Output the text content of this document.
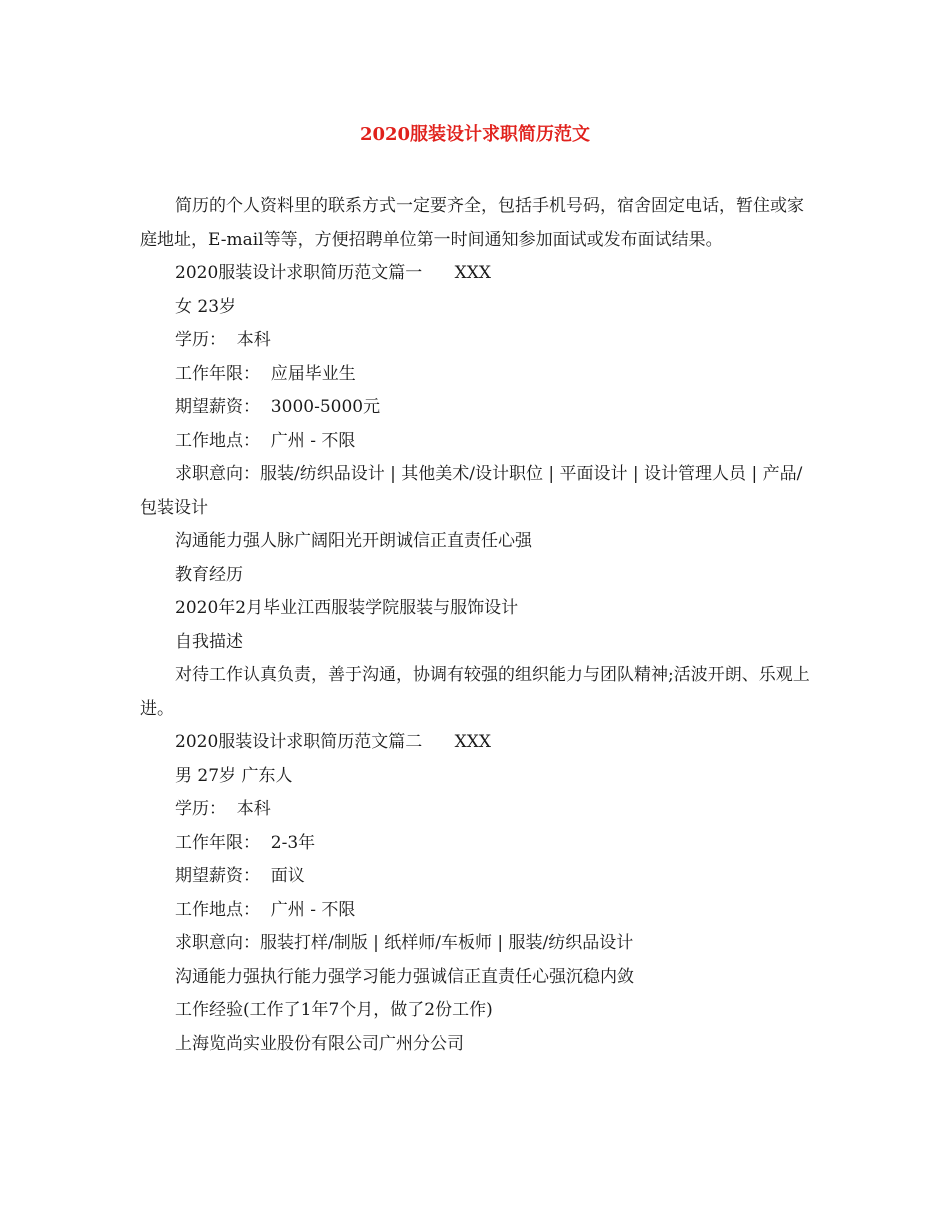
2020服装设计求职简历范文

简历的个人资料里的联系方式一定要齐全，包括手机号码，宿舍固定电话，暂住或家庭地址，E-mail等等，方便招聘单位第一时间通知参加面试或发布面试结果。

2020服装设计求职简历范文篇一      XXX

女 23岁

学历：  本科

工作年限：  应届毕业生

期望薪资：  3000-5000元

工作地点：  广州 - 不限

求职意向：服装/纺织品设计 | 其他美术/设计职位 | 平面设计 | 设计管理人员 | 产品/包装设计

沟通能力强人脉广阔阳光开朗诚信正直责任心强

教育经历

2020年2月毕业江西服装学院服装与服饰设计

自我描述

对待工作认真负责，善于沟通，协调有较强的组织能力与团队精神;活波开朗、乐观上进。

2020服装设计求职简历范文篇二      XXX

男 27岁 广东人

学历：  本科

工作年限：  2-3年

期望薪资：  面议

工作地点：  广州 - 不限

求职意向：服装打样/制版 | 纸样师/车板师 | 服装/纺织品设计

沟通能力强执行能力强学习能力强诚信正直责任心强沉稳内敛

工作经验(工作了1年7个月，做了2份工作)

上海览尚实业股份有限公司广州分公司
